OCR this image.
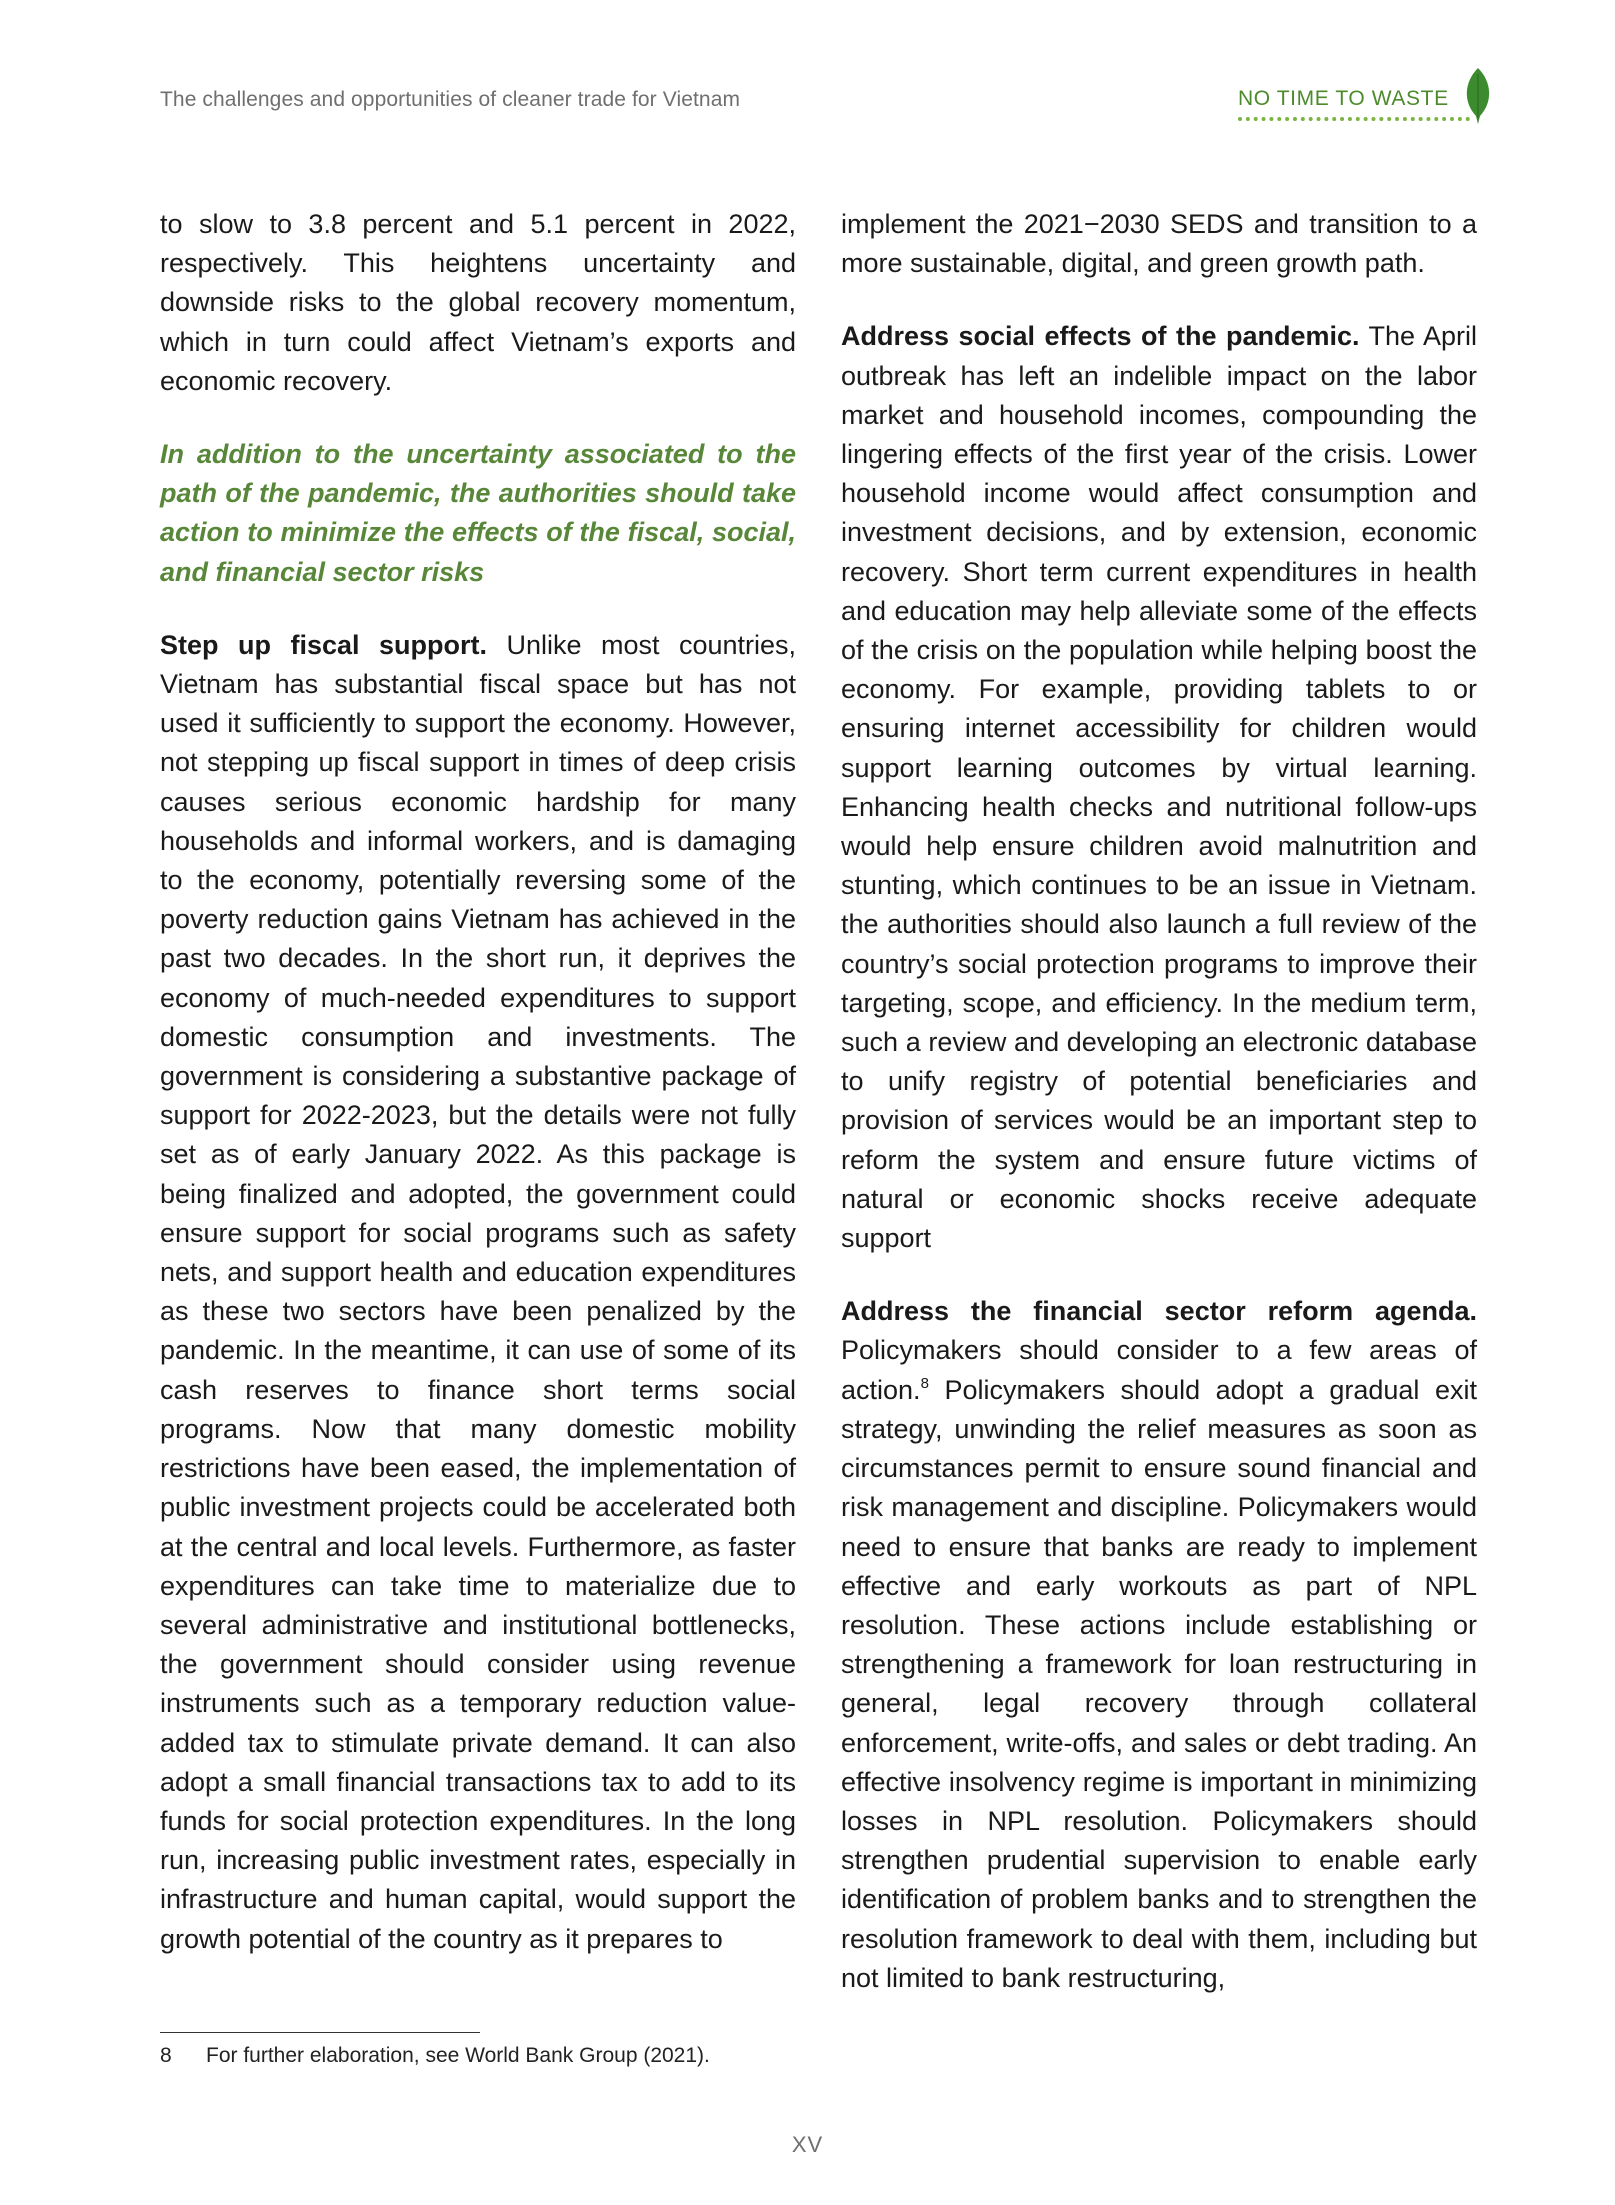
The challenges and opportunities of cleaner trade for Vietnam	NO TIME TO WASTE

to slow to 3.8 percent and 5.1 percent in 2022, respectively. This heightens uncertainty and downside risks to the global recovery momentum, which in turn could affect Vietnam’s exports and economic recovery.

In addition to the uncertainty associated to the path of the pandemic, the authorities should take action to minimize the effects of the fiscal, social, and financial sector risks

Step up fiscal support. Unlike most countries, Vietnam has substantial fiscal space but has not used it sufficiently to support the economy. However, not stepping up fiscal support in times of deep crisis causes serious economic hardship for many households and informal workers, and is damaging to the economy, potentially reversing some of the poverty reduction gains Vietnam has achieved in the past two decades. In the short run, it deprives the economy of much-needed expenditures to support domestic consumption and investments. The government is considering a substantive package of support for 2022-2023, but the details were not fully set as of early January 2022. As this package is being finalized and adopted, the government could ensure support for social programs such as safety nets, and support health and education expenditures as these two sectors have been penalized by the pandemic. In the meantime, it can use of some of its cash reserves to finance short terms social programs. Now that many domestic mobility restrictions have been eased, the implementation of public investment projects could be accelerated both at the central and local levels. Furthermore, as faster expenditures can take time to materialize due to several administrative and institutional bottlenecks, the government should consider using revenue instruments such as a temporary reduction value-added tax to stimulate private demand. It can also adopt a small financial transactions tax to add to its funds for social protection expenditures. In the long run, increasing public investment rates, especially in infrastructure and human capital, would support the growth potential of the country as it prepares to

implement the 2021−2030 SEDS and transition to a more sustainable, digital, and green growth path.

Address social effects of the pandemic. The April outbreak has left an indelible impact on the labor market and household incomes, compounding the lingering effects of the first year of the crisis. Lower household income would affect consumption and investment decisions, and by extension, economic recovery. Short term current expenditures in health and education may help alleviate some of the effects of the crisis on the population while helping boost the economy. For example, providing tablets to or ensuring internet accessibility for children would support learning outcomes by virtual learning. Enhancing health checks and nutritional follow-ups would help ensure children avoid malnutrition and stunting, which continues to be an issue in Vietnam. the authorities should also launch a full review of the country’s social protection programs to improve their targeting, scope, and efficiency. In the medium term, such a review and developing an electronic database to unify registry of potential beneficiaries and provision of services would be an important step to reform the system and ensure future victims of natural or economic shocks receive adequate support

Address the financial sector reform agenda. Policymakers should consider to a few areas of action.$^8$ Policymakers should adopt a gradual exit strategy, unwinding the relief measures as soon as circumstances permit to ensure sound financial and risk management and discipline. Policymakers would need to ensure that banks are ready to implement effective and early workouts as part of NPL resolution. These actions include establishing or strengthening a framework for loan restructuring in general, legal recovery through collateral enforcement, write-offs, and sales or debt trading. An effective insolvency regime is important in minimizing losses in NPL resolution. Policymakers should strengthen prudential supervision to enable early identification of problem banks and to strengthen the resolution framework to deal with them, including but not limited to bank restructuring,

8 For further elaboration, see World Bank Group (2021).
XV
